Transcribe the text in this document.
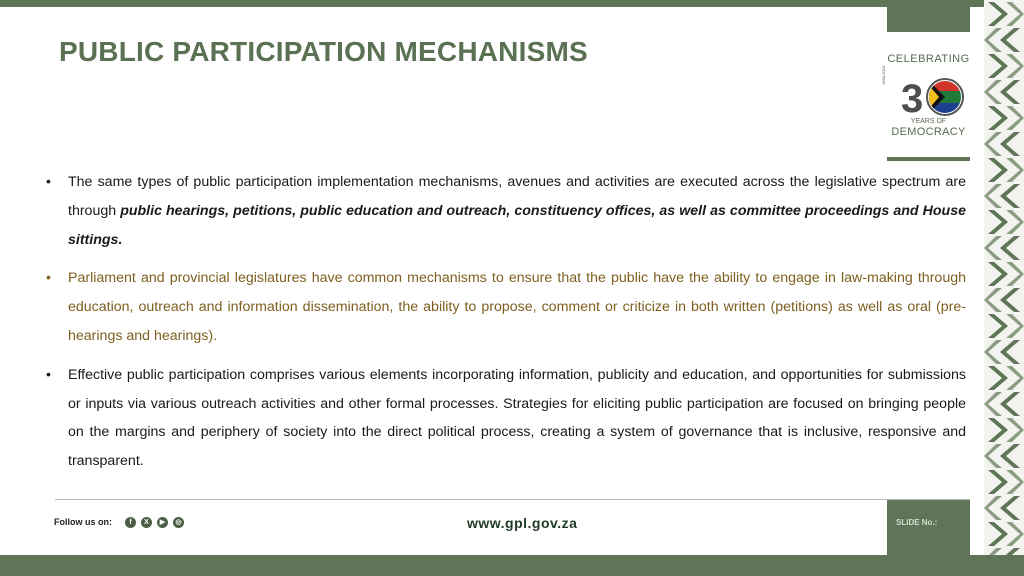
PUBLIC PARTICIPATION MECHANISMS	CELEBRATING
3
1994-2024
YEARS OF
DEMOCRACY
• The same types of public participation implementation mechanisms, avenues and activities are executed across the legislative spectrum are through public hearings, petitions, public education and outreach, constituency offices, as well as committee proceedings and House sittings.
• Parliament and provincial legislatures have common mechanisms to ensure that the public have the ability to engage in law-making through education, outreach and information dissemination, the ability to propose, comment or criticize in both written (petitions) as well as oral (pre-hearings and hearings).
• Effective public participation comprises various elements incorporating information, publicity and education, and opportunities for submissions or inputs via various outreach activities and other formal processes. Strategies for eliciting public participation are focused on bringing people on the margins and periphery of society into the direct political process, creating a system of governance that is inclusive, responsive and transparent.
Follow us on:	f	X	▶	◎	www.gpl.gov.za	SLIDE No.:
